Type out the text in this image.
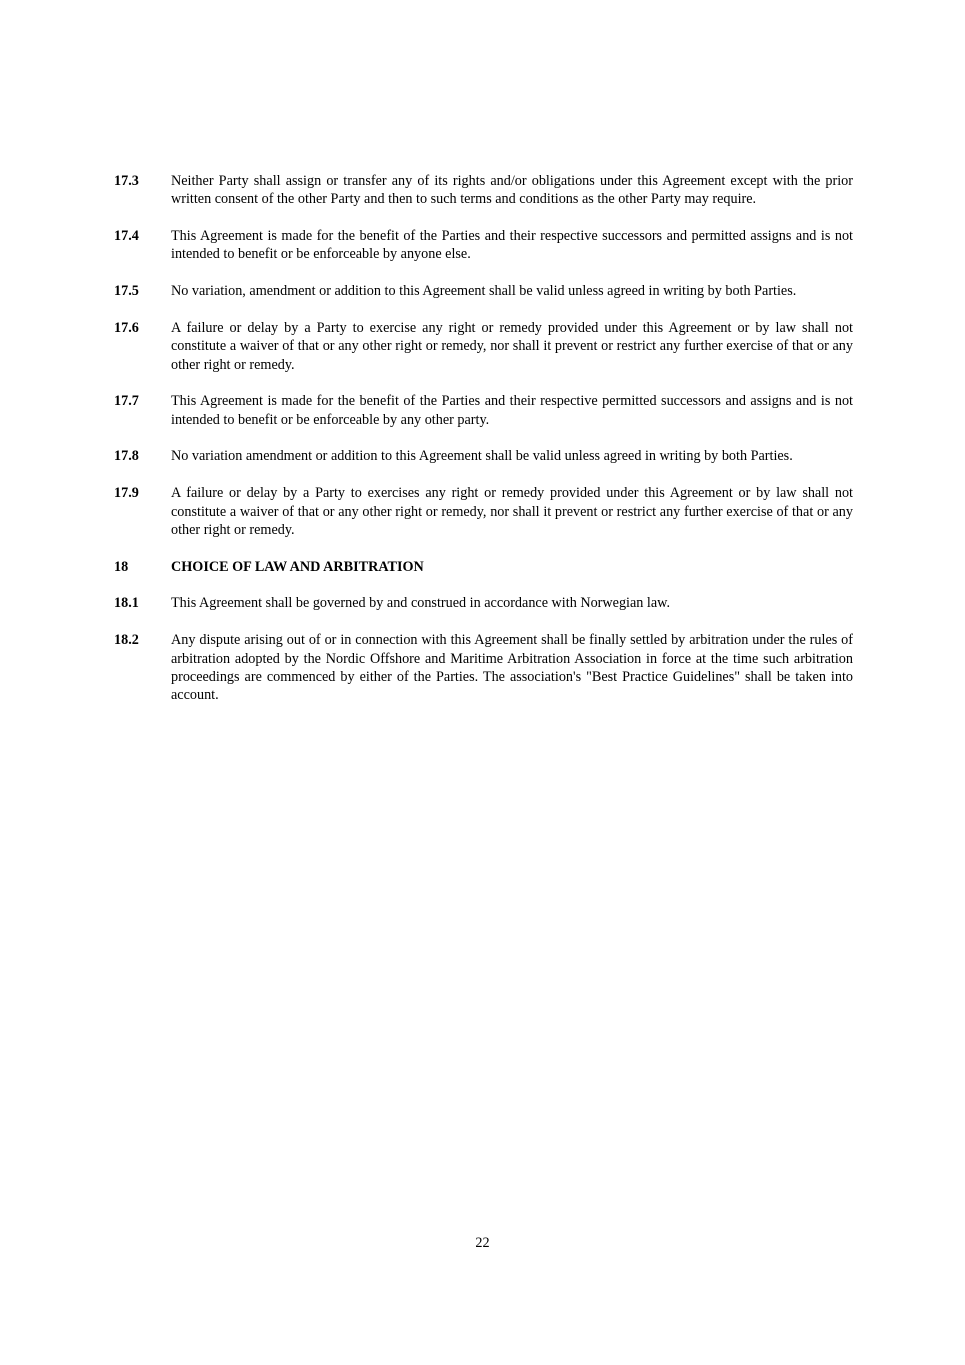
17.3	Neither Party shall assign or transfer any of its rights and/or obligations under this Agreement except with the prior written consent of the other Party and then to such terms and conditions as the other Party may require.
17.4	This Agreement is made for the benefit of the Parties and their respective successors and permitted assigns and is not intended to benefit or be enforceable by anyone else.
17.5	No variation, amendment or addition to this Agreement shall be valid unless agreed in writing by both Parties.
17.6	A failure or delay by a Party to exercise any right or remedy provided under this Agreement or by law shall not constitute a waiver of that or any other right or remedy, nor shall it prevent or restrict any further exercise of that or any other right or remedy.
17.7	This Agreement is made for the benefit of the Parties and their respective permitted successors and assigns and is not intended to benefit or be enforceable by any other party.
17.8	No variation amendment or addition to this Agreement shall be valid unless agreed in writing by both Parties.
17.9	A failure or delay by a Party to exercises any right or remedy provided under this Agreement or by law shall not constitute a waiver of that or any other right or remedy, nor shall it prevent or restrict any further exercise of that or any other right or remedy.
18	CHOICE OF LAW AND ARBITRATION
18.1	This Agreement shall be governed by and construed in accordance with Norwegian law.
18.2	Any dispute arising out of or in connection with this Agreement shall be finally settled by arbitration under the rules of arbitration adopted by the Nordic Offshore and Maritime Arbitration Association in force at the time such arbitration proceedings are commenced by either of the Parties. The association's "Best Practice Guidelines" shall be taken into account.
22
